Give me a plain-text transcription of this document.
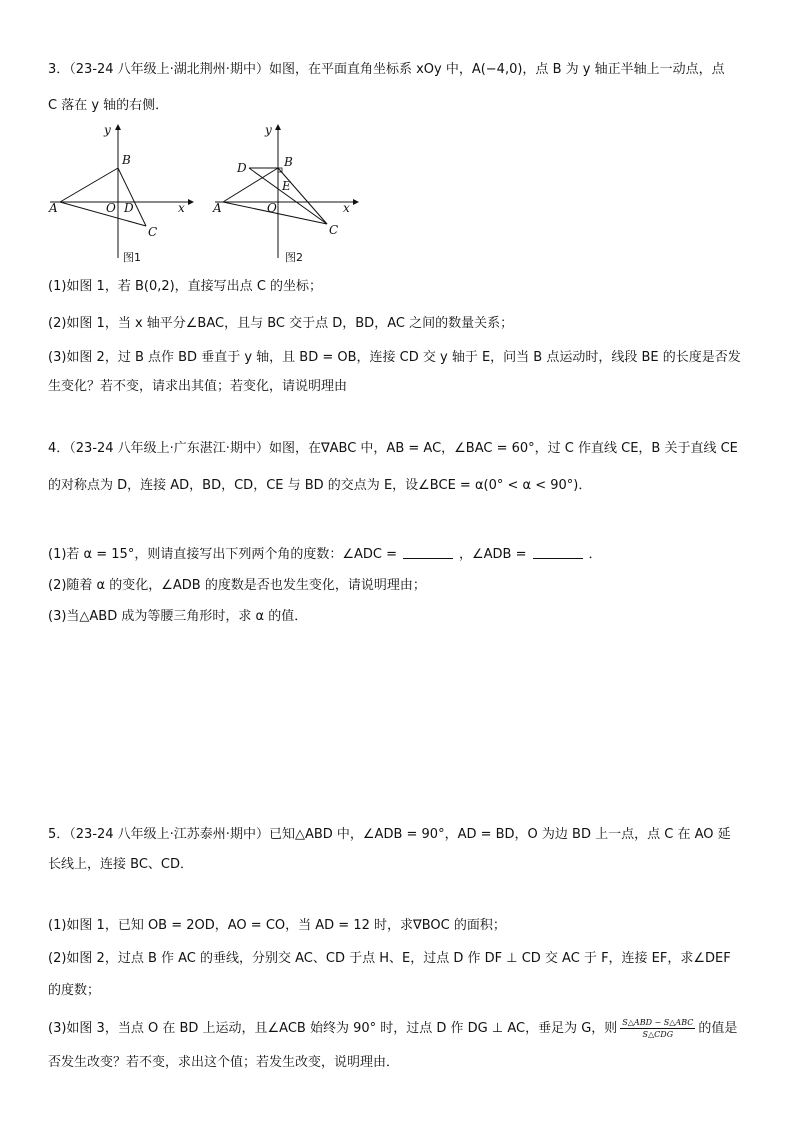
3．（23-24 八年级上·湖北荆州·期中）如图，在平面直角坐标系 xOy 中，A(−4,0)，点 B 为 y 轴正半轴上一动点，点
C 落在 y 轴的右侧．
y
B
A	O D	x
C
图1
y
D	B
E
A	O	x
C
图2
(1)如图 1，若 B(0,2)，直接写出点 C 的坐标；
(2)如图 1，当 x 轴平分∠BAC，且与 BC 交于点 D，BD，AC 之间的数量关系；
(3)如图 2，过 B 点作 BD 垂直于 y 轴，且 BD = OB，连接 CD 交 y 轴于 E，问当 B 点运动时，线段 BE 的长度是否发
生变化？若不变，请求出其值；若变化，请说明理由
4．（23-24 八年级上·广东湛江·期中）如图，在∇ABC 中，AB = AC，∠BAC = 60°，过 C 作直线 CE，B 关于直线 CE
的对称点为 D，连接 AD，BD，CD，CE 与 BD 的交点为 E，设∠BCE = α(0° < α < 90°)．
(1)若 α = 15°，则请直接写出下列两个角的度数：∠ADC =	，∠ADB =	．
(2)随着 α 的变化，∠ADB 的度数是否也发生变化，请说明理由；
(3)当△ABD 成为等腰三角形时，求 α 的值．
5．（23-24 八年级上·江苏泰州·期中）已知△ABD 中，∠ADB = 90°，AD = BD，O 为边 BD 上一点，点 C 在 AO 延
长线上，连接 BC、CD．
(1)如图 1，已知 OB = 2OD，AO = CO，当 AD = 12 时，求∇BOC 的面积；
(2)如图 2，过点 B 作 AC 的垂线，分别交 AC、CD 于点 H、E，过点 D 作 DF ⊥ CD 交 AC 于 F，连接 EF，求∠DEF
的度数；
(3)如图 3，当点 O 在 BD 上运动，且∠ACB 始终为 90° 时，过点 D 作 DG ⊥ AC，垂足为 G，则 $\frac{\text{S△ABD − S△ABC}}{\text{S△CDG}}$ 的值是
否发生改变？若不变，求出这个值；若发生改变，说明理由．
